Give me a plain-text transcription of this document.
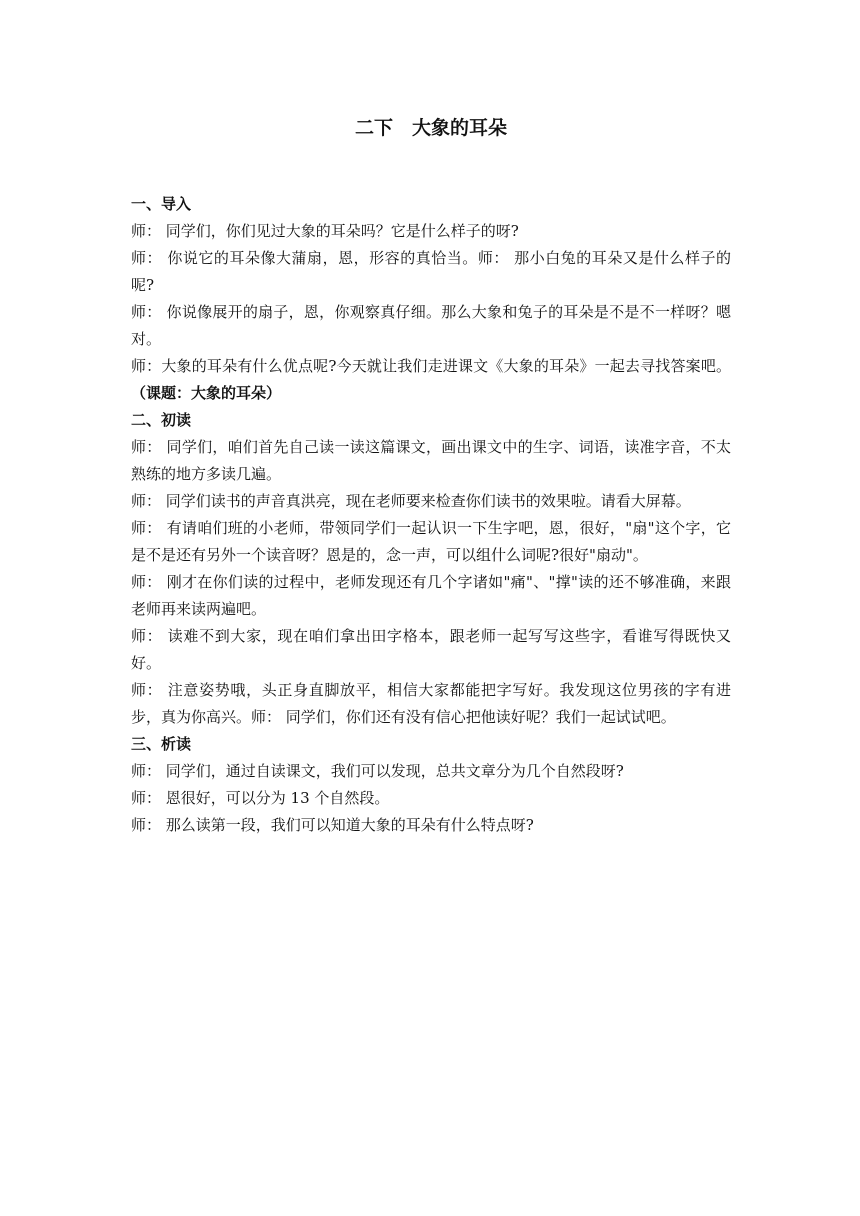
二下　大象的耳朵
一、导入

师： 同学们，你们见过大象的耳朵吗？它是什么样子的呀?

师： 你说它的耳朵像大蒲扇，恩，形容的真恰当。师： 那小白兔的耳朵又是什么样子的呢?

师： 你说像展开的扇子，恩，你观察真仔细。那么大象和兔子的耳朵是不是不一样呀？嗯对。

师：大象的耳朵有什么优点呢?今天就让我们走进课文《大象的耳朵》一起去寻找答案吧。（课题：大象的耳朵）

二、初读

师： 同学们，咱们首先自己读一读这篇课文，画出课文中的生字、词语，读准字音，不太熟练的地方多读几遍。

师： 同学们读书的声音真洪亮，现在老师要来检查你们读书的效果啦。请看大屏幕。

师： 有请咱们班的小老师，带领同学们一起认识一下生字吧，恩，很好，"扇"这个字，它是不是还有另外一个读音呀？恩是的，念一声，可以组什么词呢?很好"扇动"。

师： 刚才在你们读的过程中，老师发现还有几个字诸如"痛"、"撑"读的还不够准确，来跟老师再来读两遍吧。

师： 读难不到大家，现在咱们拿出田字格本，跟老师一起写写这些字，看谁写得既快又好。

师： 注意姿势哦，头正身直脚放平，相信大家都能把字写好。我发现这位男孩的字有进步，真为你高兴。师： 同学们，你们还有没有信心把他读好呢？我们一起试试吧。

三、析读

师： 同学们，通过自读课文，我们可以发现，总共文章分为几个自然段呀?

师： 恩很好，可以分为 13 个自然段。

师： 那么读第一段，我们可以知道大象的耳朵有什么特点呀?
